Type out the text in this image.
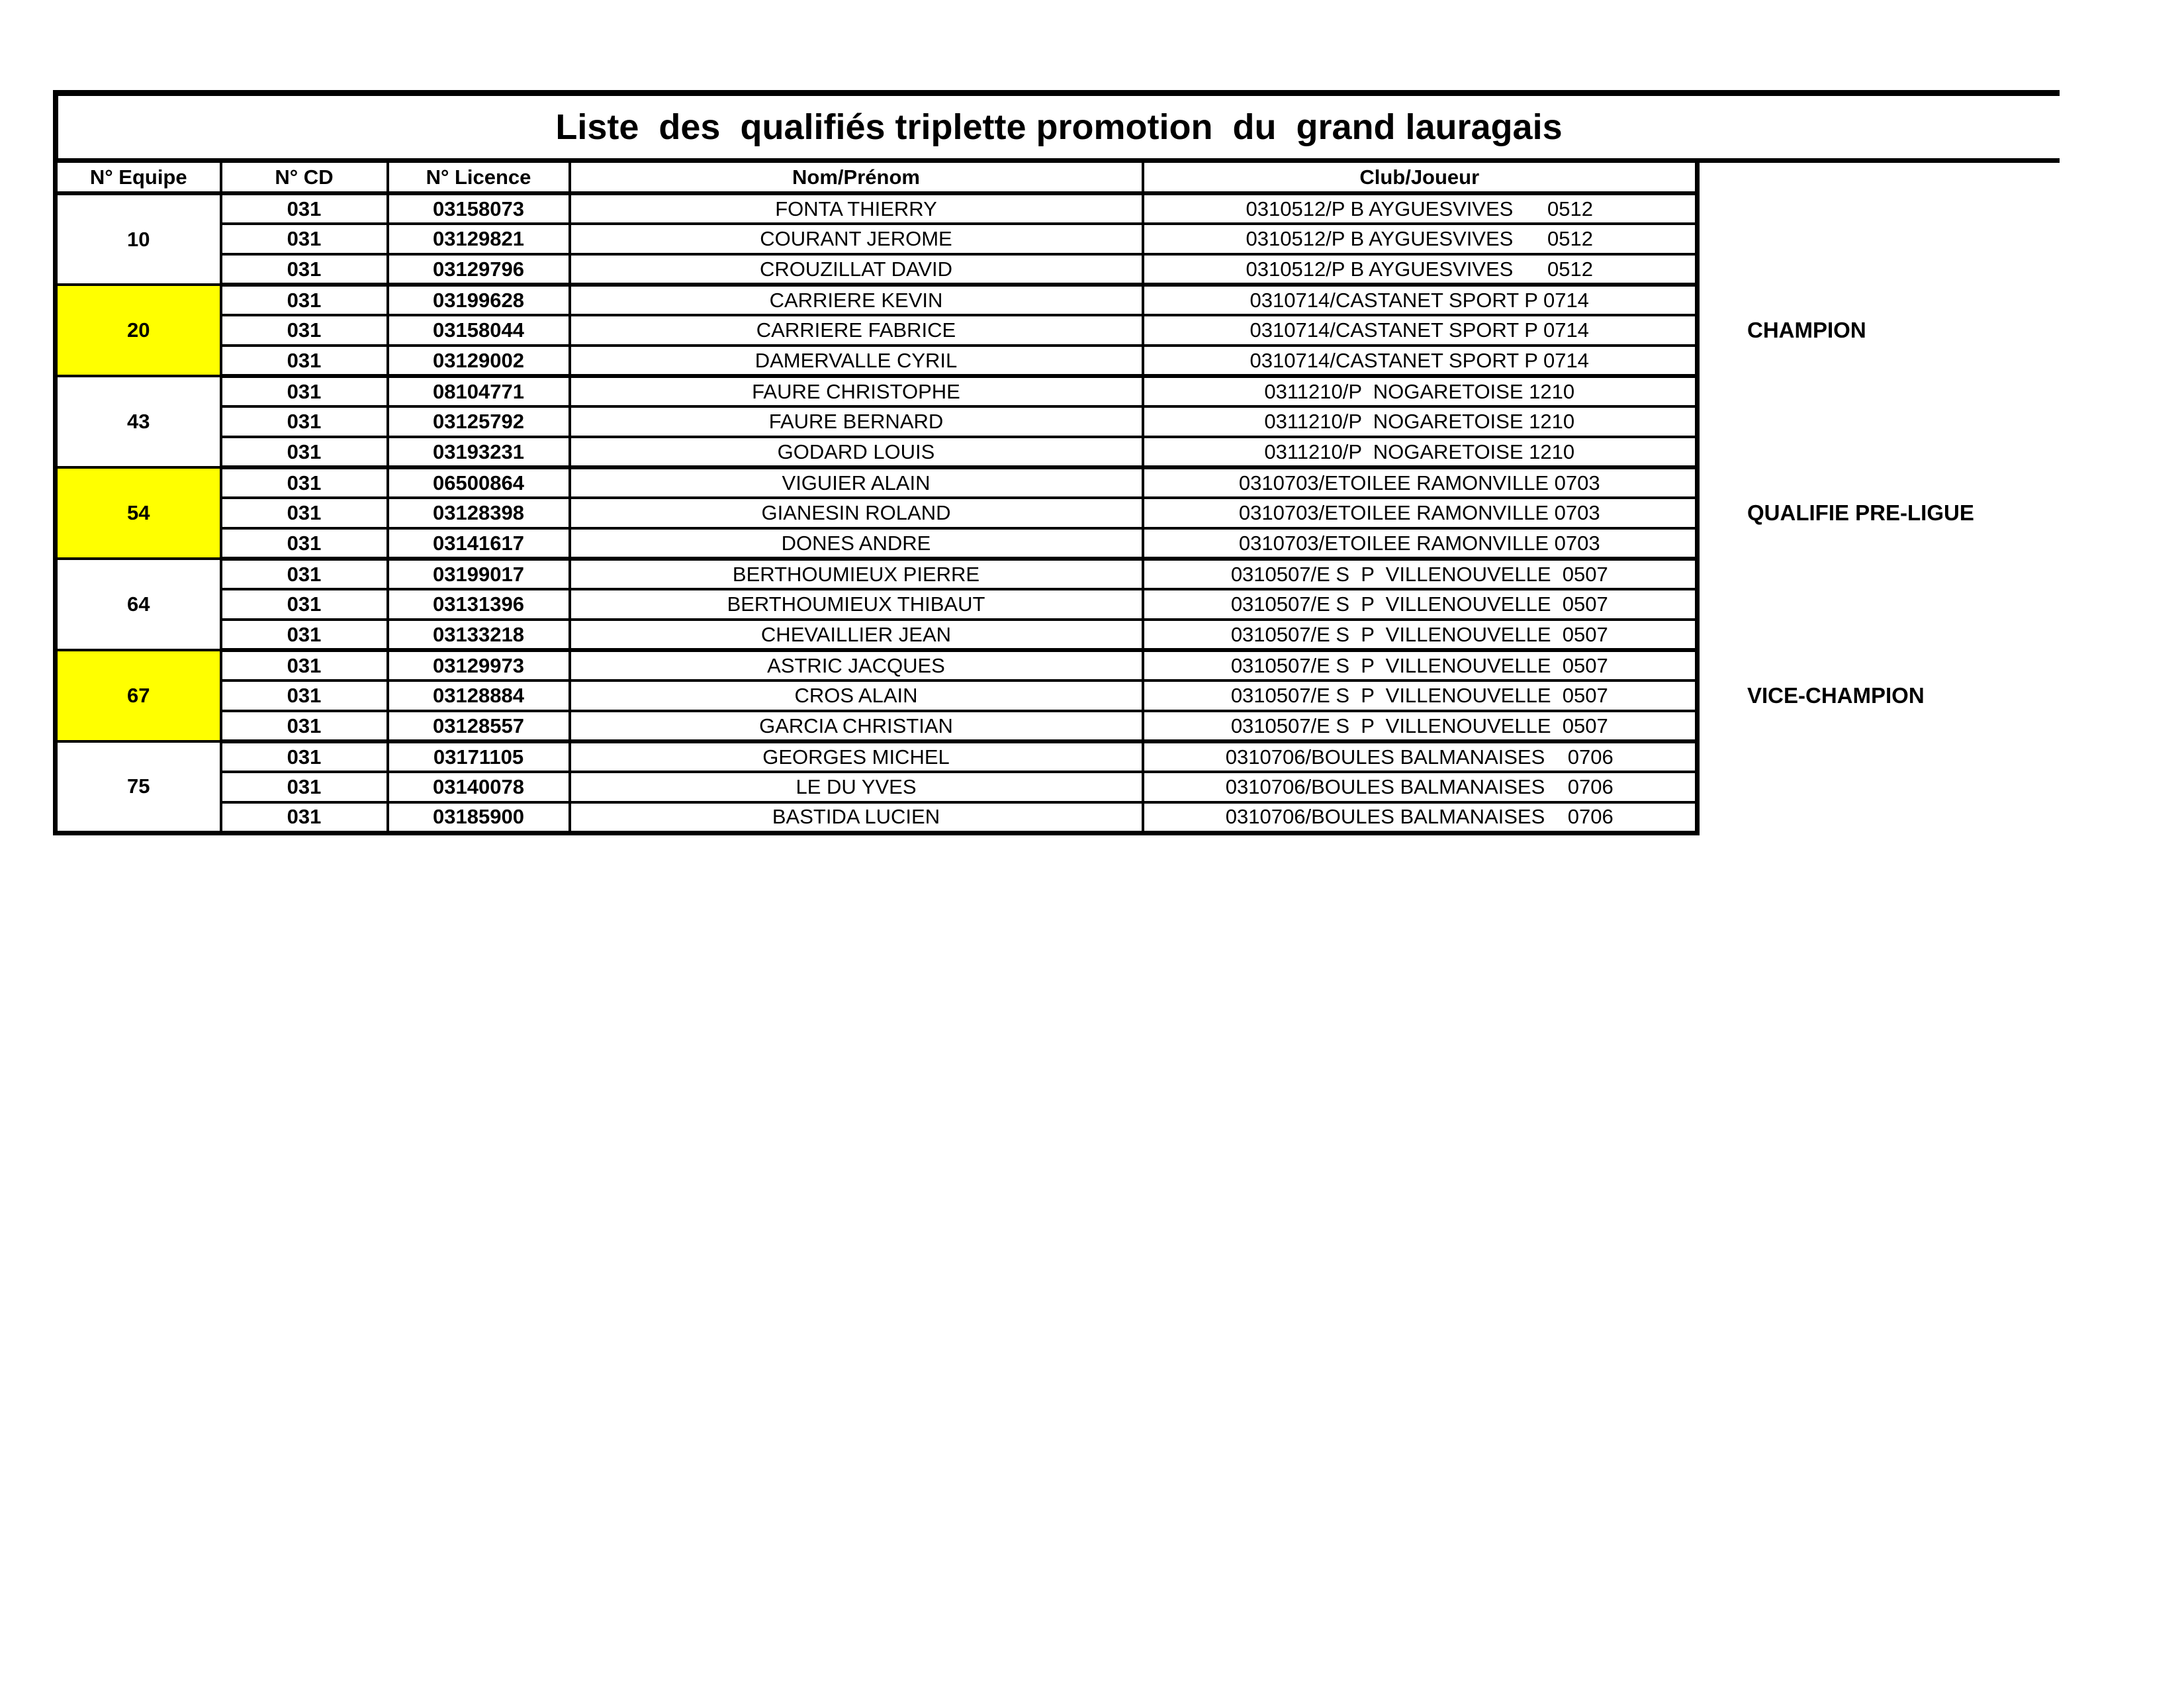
Liste  des  qualifiés triplette promotion  du  grand lauragais
N° Equipe	N° CD	N° Licence	Nom/Prénom	Club/Joueur
10	031	03158073	FONTA THIERRY	0310512/P B AYGUESVIVES      0512
	031	03129821	COURANT JEROME	0310512/P B AYGUESVIVES      0512
	031	03129796	CROUZILLAT DAVID	0310512/P B AYGUESVIVES      0512
20	031	03199628	CARRIERE KEVIN	0310714/CASTANET SPORT P 0714
	031	03158044	CARRIERE FABRICE	0310714/CASTANET SPORT P 0714
	031	03129002	DAMERVALLE CYRIL	0310714/CASTANET SPORT P 0714
43	031	08104771	FAURE CHRISTOPHE	0311210/P  NOGARETOISE 1210
	031	03125792	FAURE BERNARD	0311210/P  NOGARETOISE 1210
	031	03193231	GODARD LOUIS	0311210/P  NOGARETOISE 1210
54	031	06500864	VIGUIER ALAIN	0310703/ETOILEE RAMONVILLE 0703
	031	03128398	GIANESIN ROLAND	0310703/ETOILEE RAMONVILLE 0703
	031	03141617	DONES ANDRE	0310703/ETOILEE RAMONVILLE 0703
64	031	03199017	BERTHOUMIEUX PIERRE	0310507/E S  P  VILLENOUVELLE  0507
	031	03131396	BERTHOUMIEUX THIBAUT	0310507/E S  P  VILLENOUVELLE  0507
	031	03133218	CHEVAILLIER JEAN	0310507/E S  P  VILLENOUVELLE  0507
67	031	03129973	ASTRIC JACQUES	0310507/E S  P  VILLENOUVELLE  0507
	031	03128884	CROS ALAIN	0310507/E S  P  VILLENOUVELLE  0507
	031	03128557	GARCIA CHRISTIAN	0310507/E S  P  VILLENOUVELLE  0507
75	031	03171105	GEORGES MICHEL	0310706/BOULES BALMANAISES    0706
	031	03140078	LE DU YVES	0310706/BOULES BALMANAISES    0706
	031	03185900	BASTIDA LUCIEN	0310706/BOULES BALMANAISES    0706
CHAMPION
QUALIFIE PRE-LIGUE
VICE-CHAMPION
